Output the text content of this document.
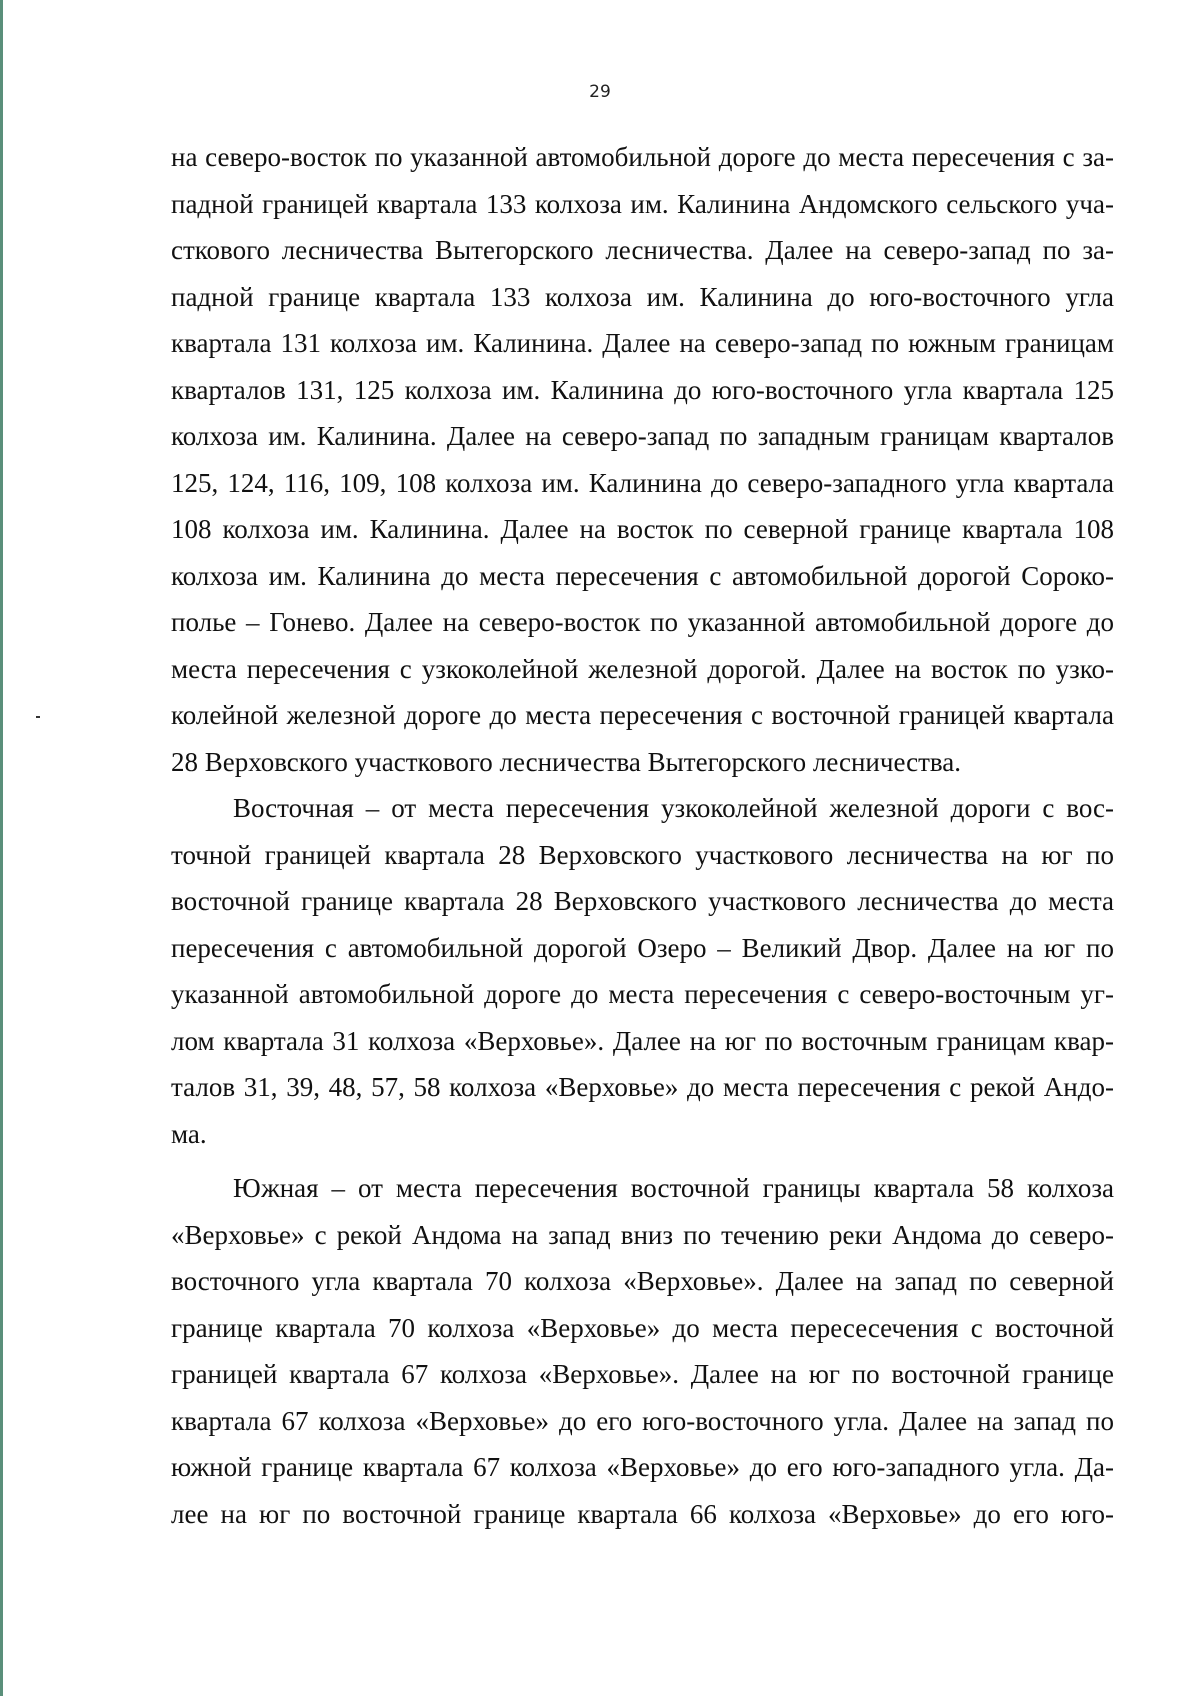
29
на северо-восток по указанной автомобильной дороге до места пересечения с за-
падной границей квартала 133 колхоза им. Калинина Андомского сельского уча-
сткового лесничества Вытегорского лесничества. Далее на северо-запад по за-
падной границе квартала 133 колхоза им. Калинина до юго-восточного угла
квартала 131 колхоза им. Калинина. Далее на северо-запад по южным границам
кварталов 131, 125 колхоза им. Калинина до юго-восточного угла квартала 125
колхоза им. Калинина. Далее на северо-запад по западным границам кварталов
125, 124, 116, 109, 108 колхоза им. Калинина до северо-западного угла квартала
108 колхоза им. Калинина. Далее на восток по северной границе квартала 108
колхоза им. Калинина до места пересечения с автомобильной дорогой Сороко-
полье – Гонево. Далее на северо-восток по указанной автомобильной дороге до
места пересечения с узкоколейной железной дорогой. Далее на восток по узко-
колейной железной дороге до места пересечения с восточной границей квартала
28 Верховского участкового лесничества Вытегорского лесничества.
Восточная – от места пересечения узкоколейной железной дороги с вос-
точной границей квартала 28 Верховского участкового лесничества на юг по
восточной границе квартала 28 Верховского участкового лесничества до места
пересечения с автомобильной дорогой Озеро – Великий Двор. Далее на юг по
указанной автомобильной дороге до места пересечения с северо-восточным уг-
лом квартала 31 колхоза «Верховье». Далее на юг по восточным границам квар-
талов 31, 39, 48, 57, 58 колхоза «Верховье» до места пересечения с рекой Андо-
ма.
Южная – от места пересечения восточной границы квартала 58 колхоза
«Верховье» с рекой Андома на запад вниз по течению реки Андома до северо-
восточного угла квартала 70 колхоза «Верховье». Далее на запад по северной
границе квартала 70 колхоза «Верховье» до места пересесечения с восточной
границей квартала 67 колхоза «Верховье». Далее на юг по восточной границе
квартала 67 колхоза «Верховье» до его юго-восточного угла. Далее на запад по
южной границе квартала 67 колхоза «Верховье» до его юго-западного угла. Да-
лее на юг по восточной границе квартала 66 колхоза «Верховье» до его юго-
